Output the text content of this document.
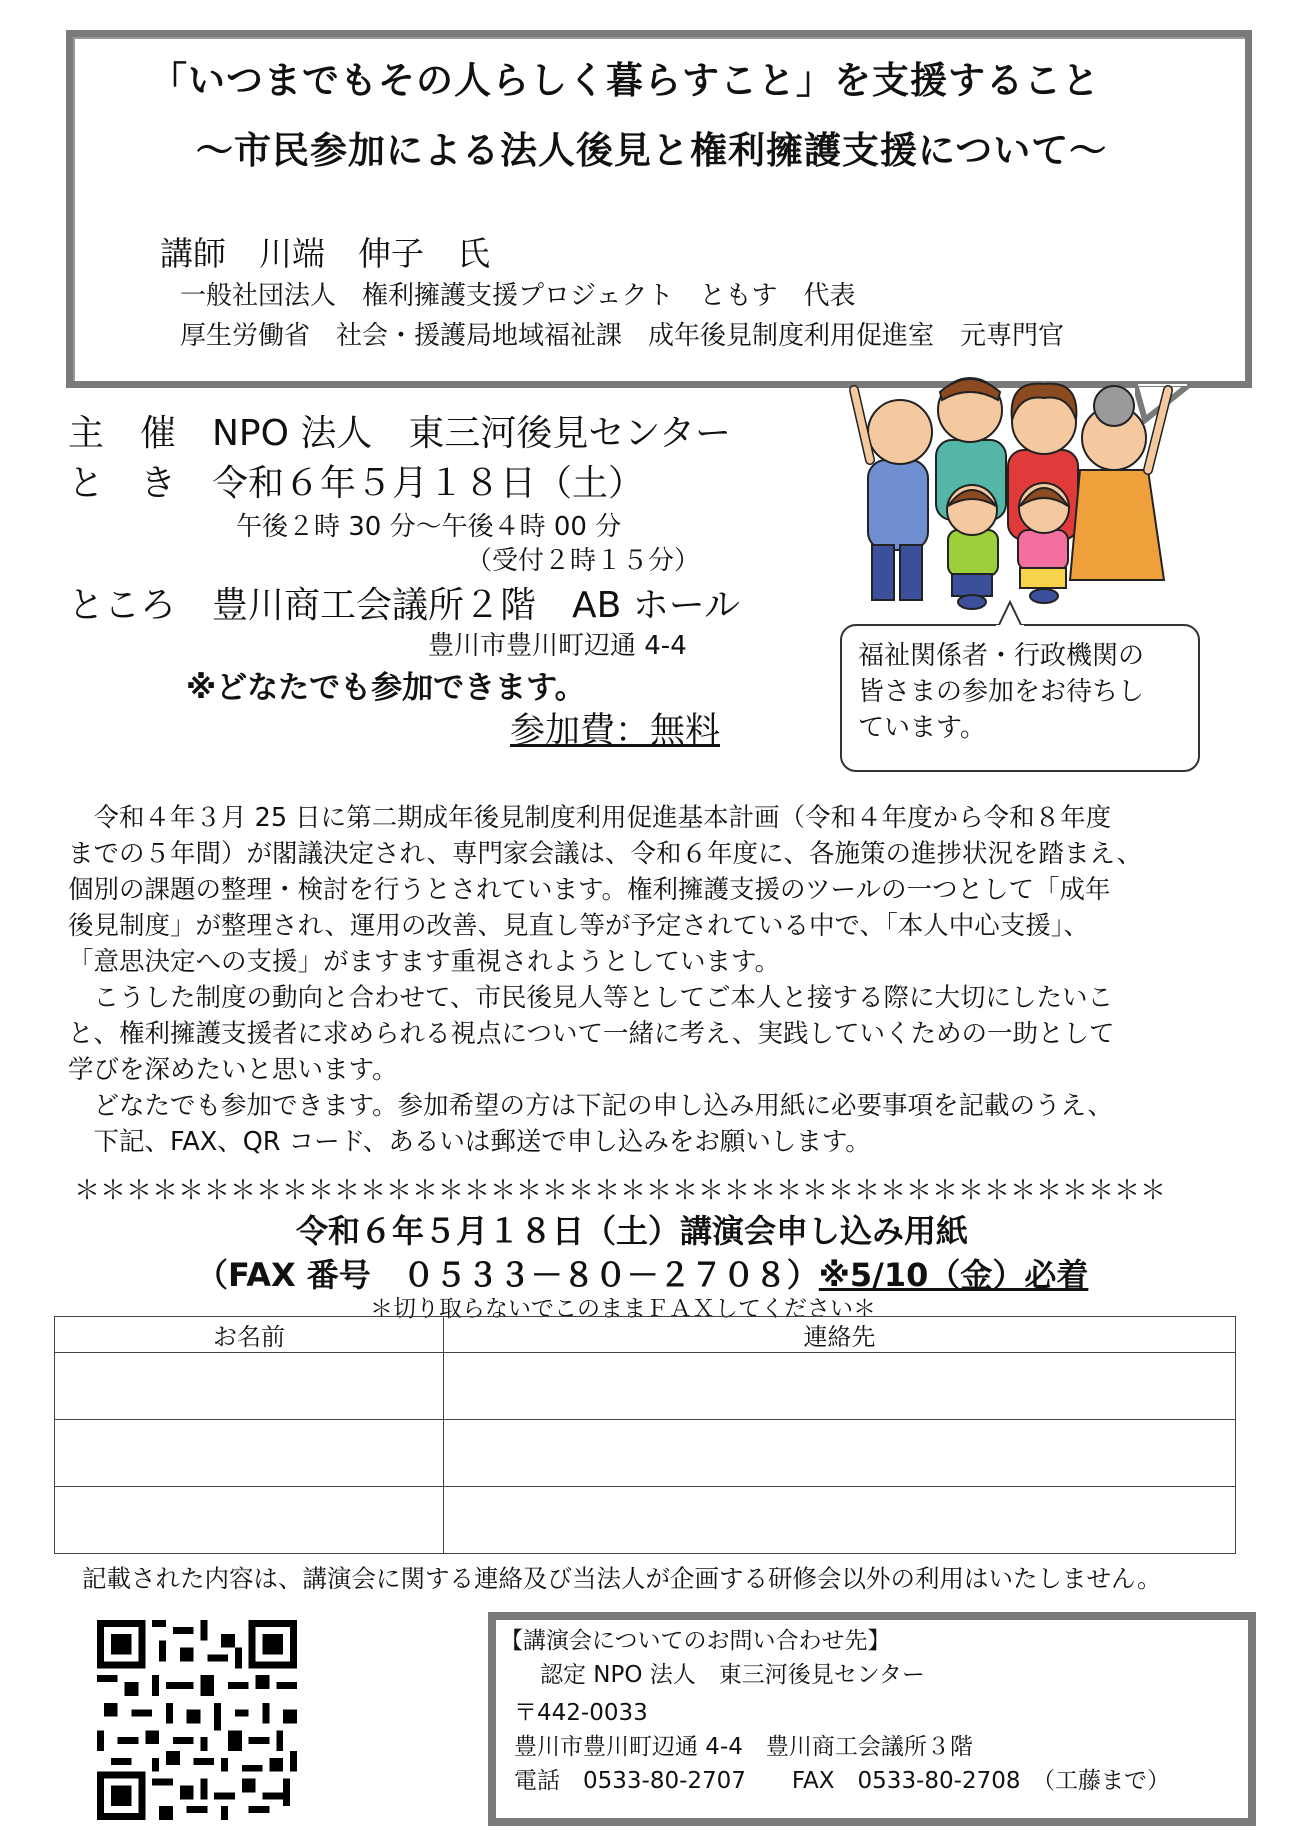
「いつまでもその人らしく暮らすこと」を支援すること
～市民参加による法人後見と権利擁護支援について～
講師　川端　伸子　氏
一般社団法人　権利擁護支援プロジェクト　ともす　代表
厚生労働省　社会・援護局地域福祉課　成年後見制度利用促進室　元専門官
主　催　NPO 法人　東三河後見センター
と　き　令和６年５月１８日（土）
午後２時 30 分～午後４時 00 分
（受付２時１５分）
ところ　豊川商工会議所２階　AB ホール
豊川市豊川町辺通 4-4
※どなたでも参加できます。
参加費：無料
福祉関係者・行政機関の
皆さまの参加をお待ちし
ています。
　令和４年３月 25 日に第二期成年後見制度利用促進基本計画（令和４年度から令和８年度
までの５年間）が閣議決定され、専門家会議は、令和６年度に、各施策の進捗状況を踏まえ、
個別の課題の整理・検討を行うとされています。権利擁護支援のツールの一つとして「成年
後見制度」が整理され、運用の改善、見直し等が予定されている中で、「本人中心支援」、
「意思決定への支援」がますます重視されようとしています。
　こうした制度の動向と合わせて、市民後見人等としてご本人と接する際に大切にしたいこ
と、権利擁護支援者に求められる視点について一緒に考え、実践していくための一助として
学びを深めたいと思います。
　どなたでも参加できます。参加希望の方は下記の申し込み用紙に必要事項を記載のうえ、
　下記、FAX、QR コード、あるいは郵送で申し込みをお願いします。
＊＊＊＊＊＊＊＊＊＊＊＊＊＊＊＊＊＊＊＊＊＊＊＊＊＊＊＊＊＊＊＊＊＊＊＊＊＊＊＊＊＊
令和６年５月１８日（土）講演会申し込み用紙
（FAX 番号　０５３３－８０－２７０８）※5/10（金）必着
＊切り取らないでこのままＦＡＸしてください＊
お名前	連絡先

記載された内容は、講演会に関する連絡及び当法人が企画する研修会以外の利用はいたしません。
【講演会についてのお問い合わせ先】
認定 NPO 法人　東三河後見センター
〒442-0033
豊川市豊川町辺通 4-4　豊川商工会議所３階
電話　0533-80-2707　　FAX　0533-80-2708　（工藤まで）
